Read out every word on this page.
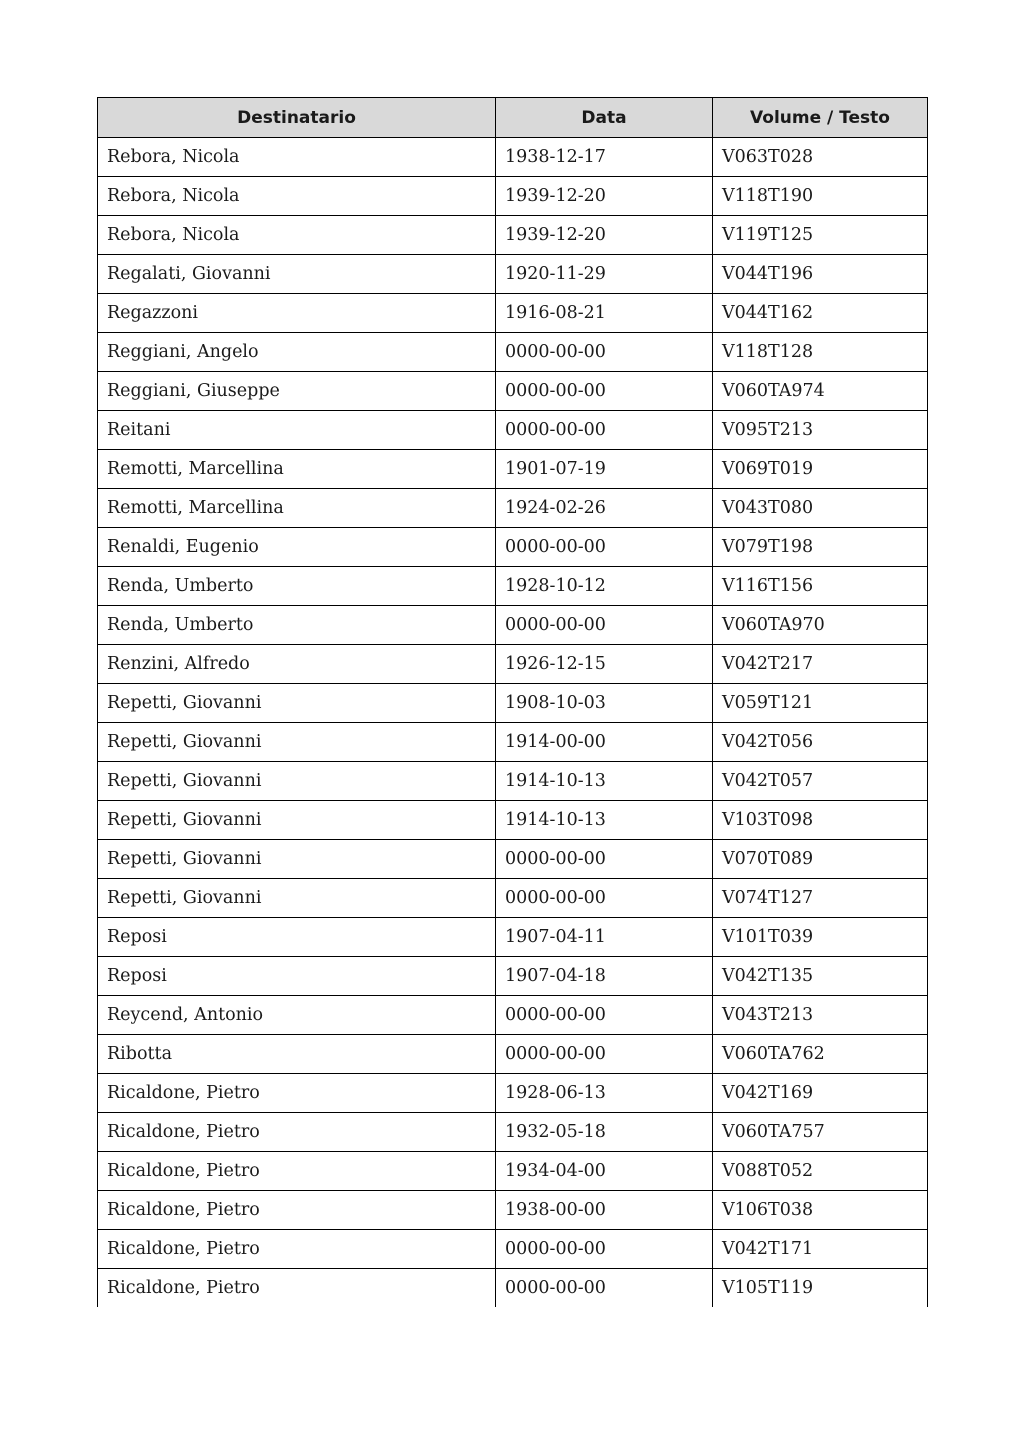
Destinatario	Data	Volume / Testo
Rebora, Nicola	1938-12-17	V063T028
Rebora, Nicola	1939-12-20	V118T190
Rebora, Nicola	1939-12-20	V119T125
Regalati, Giovanni	1920-11-29	V044T196
Regazzoni	1916-08-21	V044T162
Reggiani, Angelo	0000-00-00	V118T128
Reggiani, Giuseppe	0000-00-00	V060TA974
Reitani	0000-00-00	V095T213
Remotti, Marcellina	1901-07-19	V069T019
Remotti, Marcellina	1924-02-26	V043T080
Renaldi, Eugenio	0000-00-00	V079T198
Renda, Umberto	1928-10-12	V116T156
Renda, Umberto	0000-00-00	V060TA970
Renzini, Alfredo	1926-12-15	V042T217
Repetti, Giovanni	1908-10-03	V059T121
Repetti, Giovanni	1914-00-00	V042T056
Repetti, Giovanni	1914-10-13	V042T057
Repetti, Giovanni	1914-10-13	V103T098
Repetti, Giovanni	0000-00-00	V070T089
Repetti, Giovanni	0000-00-00	V074T127
Reposi	1907-04-11	V101T039
Reposi	1907-04-18	V042T135
Reycend, Antonio	0000-00-00	V043T213
Ribotta	0000-00-00	V060TA762
Ricaldone, Pietro	1928-06-13	V042T169
Ricaldone, Pietro	1932-05-18	V060TA757
Ricaldone, Pietro	1934-04-00	V088T052
Ricaldone, Pietro	1938-00-00	V106T038
Ricaldone, Pietro	0000-00-00	V042T171
Ricaldone, Pietro	0000-00-00	V105T119
